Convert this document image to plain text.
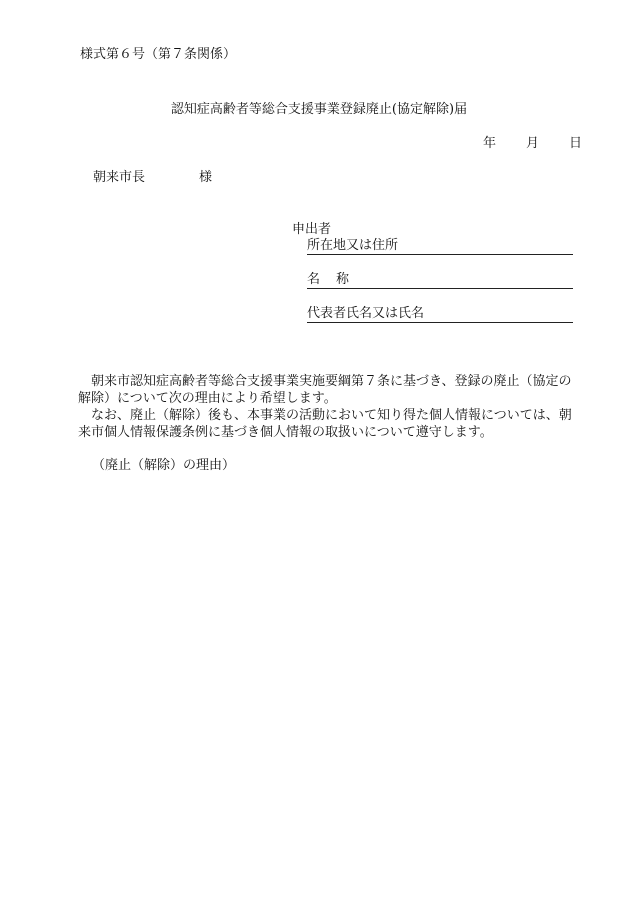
様式第６号（第７条関係）
認知症高齢者等総合支援事業登録廃止(協定解除)届
年 月 日
朝来市長	様
申出者
所在地又は住所
名 称
代表者氏名又は氏名

朝来市認知症高齢者等総合支援事業実施要綱第７条に基づき、登録の廃止（協定の解除）について次の理由により希望します。

なお、廃止（解除）後も、本事業の活動において知り得た個人情報については、朝来市個人情報保護条例に基づき個人情報の取扱いについて遵守します。

（廃止（解除）の理由）
